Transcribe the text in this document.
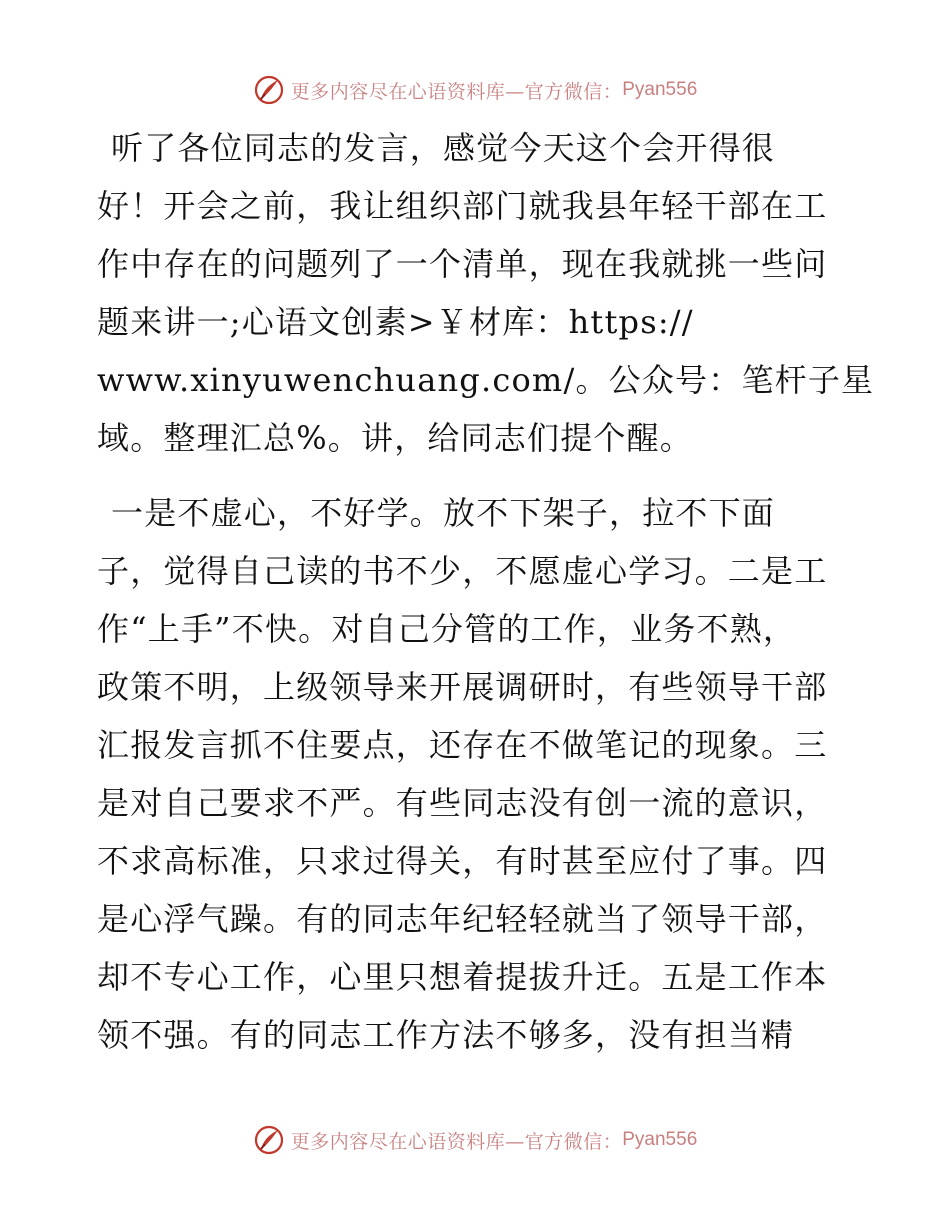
更多内容尽在心语资料库—官方微信： Pyan556
听了各位同志的发言，感觉今天这个会开得很
好！开会之前，我让组织部门就我县年轻干部在工
作中存在的问题列了一个清单，现在我就挑一些问
题来讲一;心语文创素>￥材库：https://
www.xinyuwenchuang.com/。公众号：笔杆子星
域。整理汇总%。讲，给同志们提个醒。
一是不虚心，不好学。放不下架子，拉不下面
子，觉得自己读的书不少，不愿虚心学习。二是工
作“上手”不快。对自己分管的工作，业务不熟，
政策不明，上级领导来开展调研时，有些领导干部
汇报发言抓不住要点，还存在不做笔记的现象。三
是对自己要求不严。有些同志没有创一流的意识，
不求高标准，只求过得关，有时甚至应付了事。四
是心浮气躁。有的同志年纪轻轻就当了领导干部，
却不专心工作，心里只想着提拔升迁。五是工作本
领不强。有的同志工作方法不够多，没有担当精
更多内容尽在心语资料库—官方微信： Pyan556
